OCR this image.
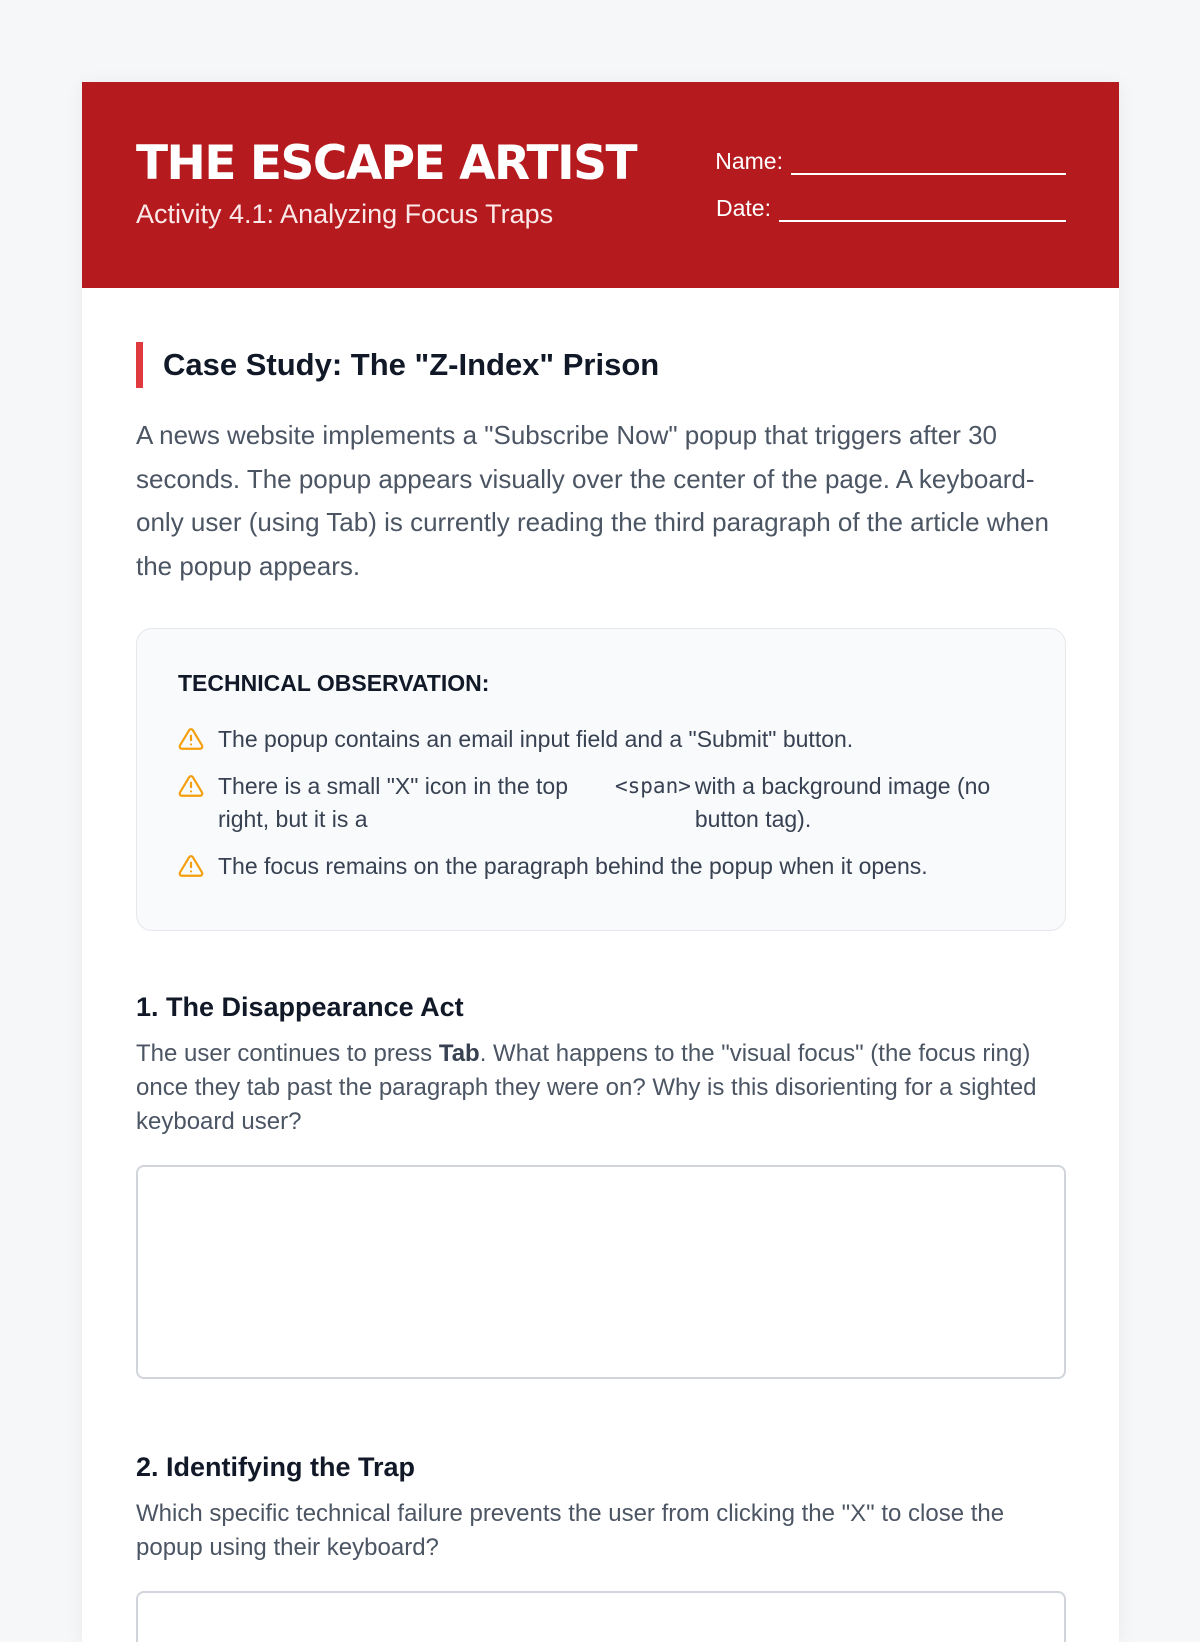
THE ESCAPE ARTIST
Activity 4.1: Analyzing Focus Traps
Name:
Date:
Case Study: The "Z-Index" Prison

A news website implements a "Subscribe Now" popup that triggers after 30 seconds. The popup appears visually over the center of the page. A keyboard-only user (using Tab) is currently reading the third paragraph of the article when the popup appears.

TECHNICAL OBSERVATION:
The popup contains an email input field and a "Submit" button.
There is a small "X" icon in the top right, but it is a
<span> with a background image (no button tag).
The focus remains on the paragraph behind the popup when it opens.
1. The Disappearance Act

The user continues to press Tab. What happens to the "visual focus" (the focus ring) once they tab past the paragraph they were on? Why is this disorienting for a sighted keyboard user?

2. Identifying the Trap

Which specific technical failure prevents the user from clicking the "X" to close the popup using their keyboard?
